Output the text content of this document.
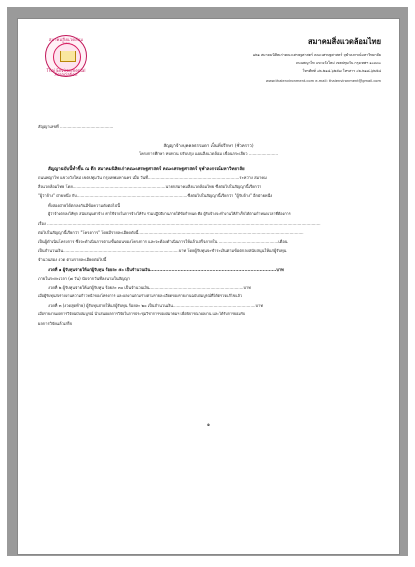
สมาคมสิ่งแวดล้อม
Thai Environmental Association
สมาคมสิ่งแวดล้อมไทย
๑๒๑ สมาคมนิสิตเก่าคณะเศรษฐศาสตร์ คณะเศรษฐศาสตร์ จุฬาลงกรณ์มหาวิทยาลัย
ถนนพญาไท แขวงวังใหม่ เขตปทุมวัน กรุงเทพฯ ๑๐๓๓๐
โทรศัพท์ ๐๒-๒๑๘-๖๒๕๗ โทรสาร ๐๒-๒๑๘-๖๒๕๘
www.thaienvironment.com e-mail: thaienvironment@gmail.com
สัญญาเลขที่ ..........................................
สัญญาจ้างบุคคลธรรมดา เป็นที่ปรึกษา (ชั่วคราว)
โครงการศึกษา ทบทวน ปรับปรุง แผนสิ่งแวดล้อม เขื่อนกระเจียว .......................
สัญญาฉบับนี้ทำขึ้น ณ ตึก สมาคมนิสิตเก่าคณะเศรษฐศาสตร์ คณะเศรษฐศาสตร์ จุฬาลงกรณ์มหาวิทยาลัย
ถนนพญาไท แขวงวังใหม่ เขตปทุมวัน กรุงเทพมหานคร เมื่อ วันที่........................................................................ระหว่าง สมาคม
สิ่งแวดล้อมไทย โดย.........................................................................นายกสมาคมสิ่งแวดล้อมไทย ซึ่งต่อไปในสัญญานี้เรียกว่า
"ผู้ว่าจ้าง" ฝ่ายหนึ่ง กับ.......................................................................................ซึ่งต่อไปในสัญญานี้เรียกว่า "ผู้รับจ้าง" อีกฝ่ายหนึ่ง
ทั้งสองฝ่ายได้ตกลงกันมีข้อความดังต่อไปนี้
ผู้ว่าจ้างตกลงให้ทุก สนับสนุนค่าจ้าง ค่าใช้จ่ายในการจ้างให้รับ ร่วมปฏิบัติงานภายใต้ข้อกำหนด คือ ผู้รับจ้างจะทำงานให้สำเร็จได้ตามกำหนดเวลาที่ต้องการ
เรื่อง .......................................................................................................................................................................................................................
ต่อไปในสัญญานี้เรียกว่า "โครงการ" โดยมีรายละเอียดดังนี้..................................................................................................................................
เป็นผู้ดำเนินโครงการ ซึ่งจะดำเนินการตามขั้นตอนของโครงการ และจะต้องดำเนินการให้แล้วเสร็จภายใน ...............................................เดือน
เป็นจำนวนเงิน...........................................................................................บาท โดยผู้รับทุนจะชำระเงินตามข้อตกลงสนับสนุนให้แก่ผู้รับทุน
จำนวนสอง งวด ตามรายละเอียดต่อไปนี้
งวดที่ ๑ ผู้รับทุนจ่ายให้แก่ผู้รับทุน ร้อยละ ๕๐ เป็นจำนวนเงิน...................................................................................บาท
ภายในระยะเวลา (๗ วัน) นับจากวันที่ลงนามในสัญญา
งวดที่ ๒ ผู้รับทุนจ่ายให้แก่ผู้รับทุน ร้อยละ ๓๐ เป็นจำนวนเงิน..........................................................................บาท
เมื่อผู้รับทุนส่งรายงานความก้าวหน้าของโครงการ และผลงานตามร่างตามรายละเอียดของรายงานฉบับสมบูรณ์ที่ได้ตรวจแก้ไขแล้ว
งวดที่ ๓ (งวดสุดท้าย) ผู้รับทุนจ่ายให้แก่ผู้รับทุน ร้อยละ ๒๐ เป็นจำนวนเงิน.................................................................บาท
เมื่อรายงานผลการวิจัยฉบับสมบูรณ์ นำเสนอผลการวิจัยในการประชุมวิชาการของสมาคมฯ เพื่อพิจารณาผลงาน และได้รับการยอมรับ
ผลการวิจัยแล้วเสร็จ
๑
